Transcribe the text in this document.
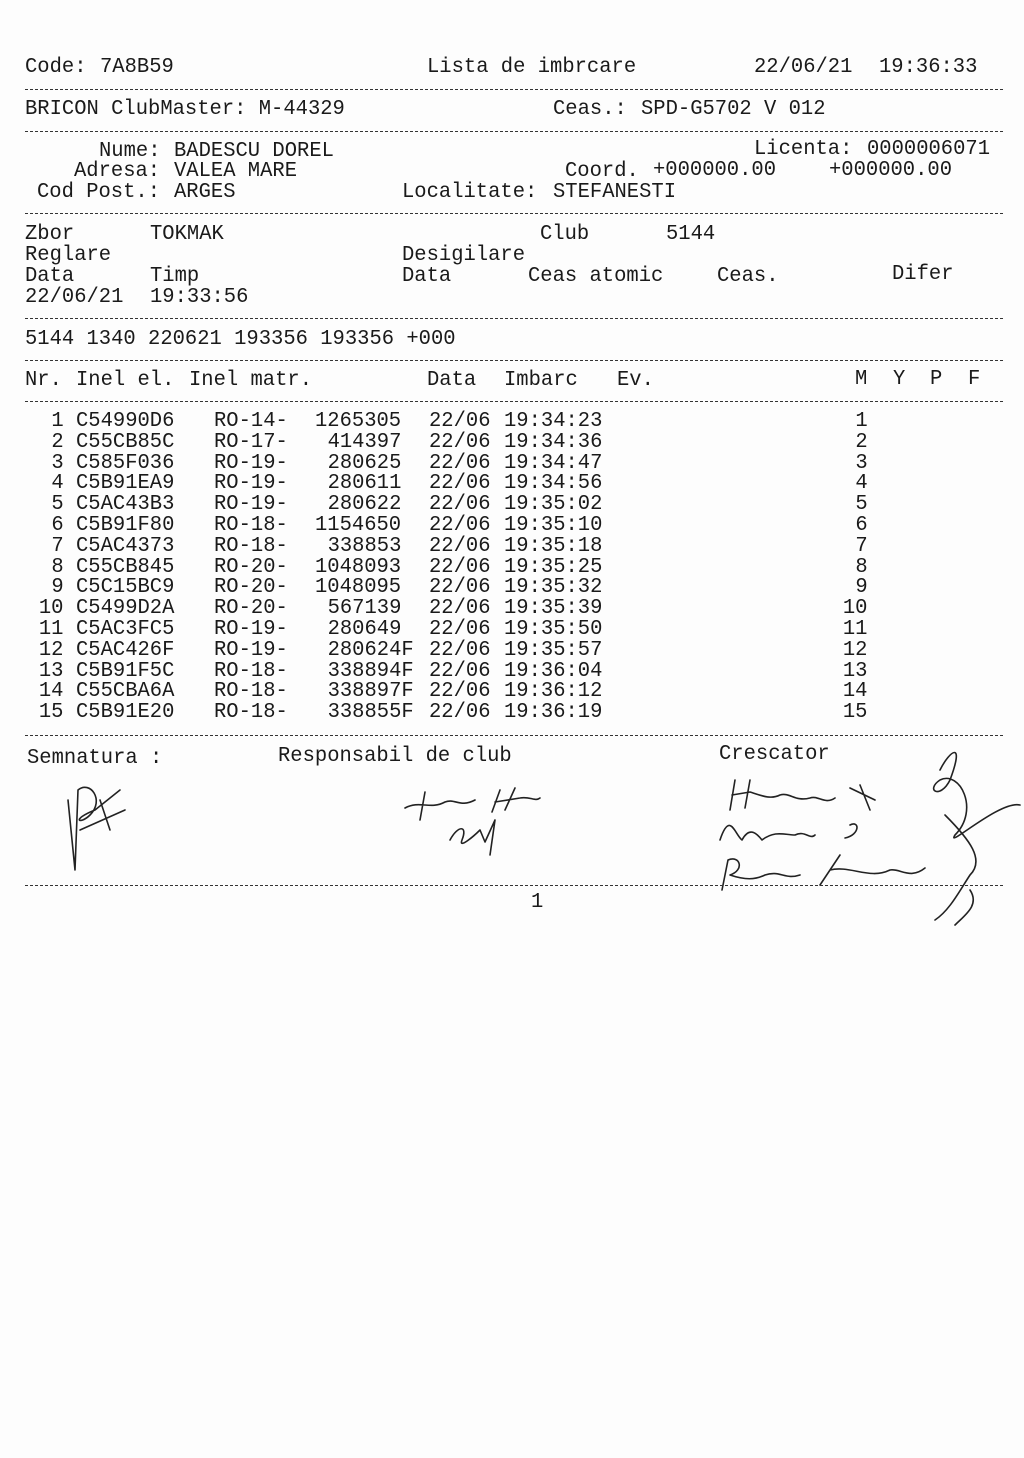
Code: 7A8B59	Lista de imbrcare	22/06/21 19:36:33
BRICON ClubMaster: M-44329	Ceas.: SPD-G5702 V 012
Nume: BADESCU DOREL	Licenta: 0000006071
Adresa: VALEA MARE	Coord. +000000.00	+000000.00
Cod Post.: ARGES	Localitate: STEFANESTI
Zbor	TOKMAK	Club	5144
Reglare	Desigilare
Data	Timp	Data	Ceas atomic	Ceas.	Difer
22/06/21 19:33:56
5144 1340 220621 193356 193356 +000
Nr. Inel el. Inel matr.	Data Imbarc Ev.	M Y P F
1 C54990D6 RO-14- 1265305 22/06 19:34:23	1
2 C55CB85C RO-17- 414397 22/06 19:34:36	2
3 C585F036 RO-19- 280625 22/06 19:34:47	3
4 C5B91EA9 RO-19- 280611 22/06 19:34:56	4
5 C5AC43B3 RO-19- 280622 22/06 19:35:02	5
6 C5B91F80 RO-18- 1154650 22/06 19:35:10	6
7 C5AC4373 RO-18- 338853 22/06 19:35:18	7
8 C55CB845 RO-20- 1048093 22/06 19:35:25	8
9 C5C15BC9 RO-20- 1048095 22/06 19:35:32	9
10 C5499D2A RO-20- 567139 22/06 19:35:39	10
11 C5AC3FC5 RO-19- 280649 22/06 19:35:50	11
12 C5AC426F RO-19- 280624F 22/06 19:35:57	12
13 C5B91F5C RO-18- 338894F 22/06 19:36:04	13
14 C55CBA6A RO-18- 338897F 22/06 19:36:12	14
15 C5B91E20 RO-18- 338855F 22/06 19:36:19	15
Semnatura :	Responsabil de club	Crescator
1
